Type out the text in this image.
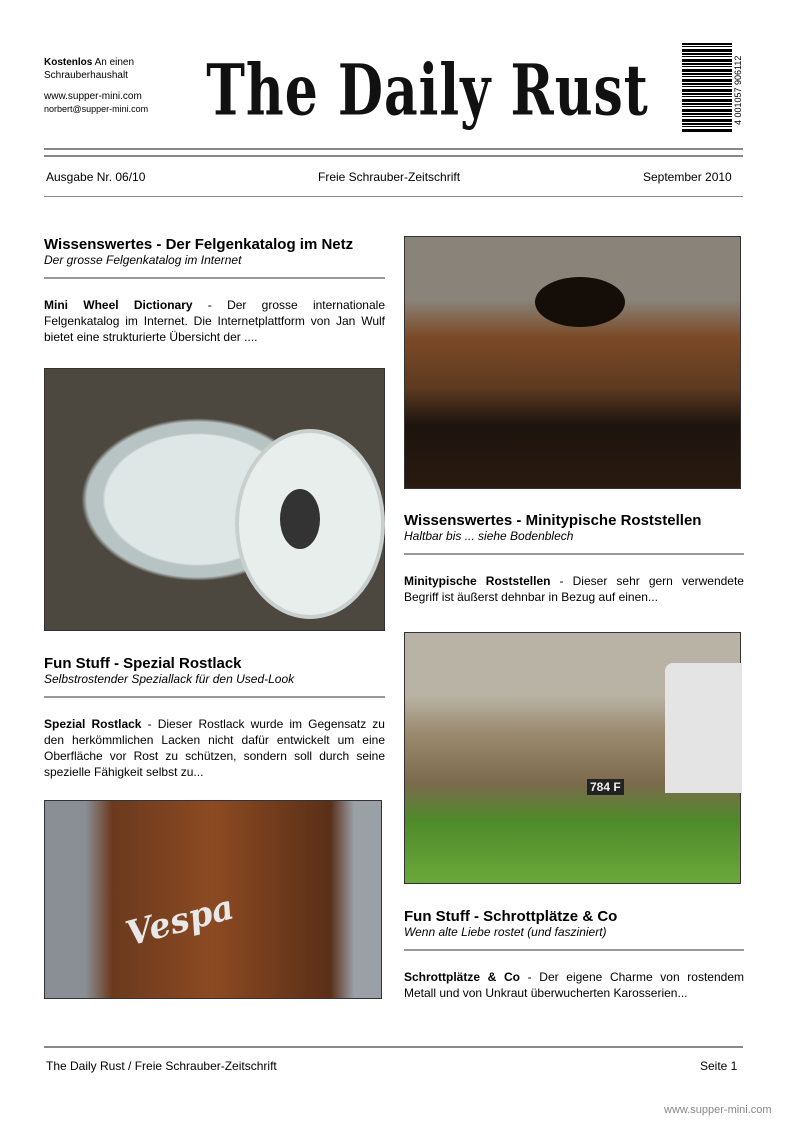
Kostenlos An einen Schrauberhaushalt
www.supper-mini.com
norbert@supper-mini.com	The Daily Rust	4 001057 906112
Ausgabe Nr. 06/10	Freie Schrauber-Zeitschrift	September 2010
Wissenswertes - Der Felgenkatalog im Netz
Der grosse Felgenkatalog im Internet
Mini Wheel Dictionary - Der grosse internationale Felgenkatalog im Internet. Die Internetplattform von Jan Wulf bietet eine strukturierte Übersicht der ....
Fun Stuff - Spezial Rostlack
Selbstrostender Speziallack für den Used-Look
Spezial Rostlack - Dieser Rostlack wurde im Gegensatz zu den herkömmlichen Lacken nicht dafür entwickelt um eine Oberfläche vor Rost zu schützen, sondern soll durch seine spezielle Fähigkeit selbst zu...
Vespa
Wissenswertes - Minitypische Roststellen
Haltbar bis ... siehe Bodenblech
Minitypische Roststellen - Dieser sehr gern verwendete Begriff ist äußerst dehnbar in Bezug auf einen...
784 F
Fun Stuff - Schrottplätze & Co
Wenn alte Liebe rostet (und fasziniert)
Schrottplätze & Co - Der eigene Charme von rostendem Metall und von Unkraut überwucherten Karosserien...
The Daily Rust / Freie Schrauber-Zeitschrift	Seite 1
www.supper-mini.com
